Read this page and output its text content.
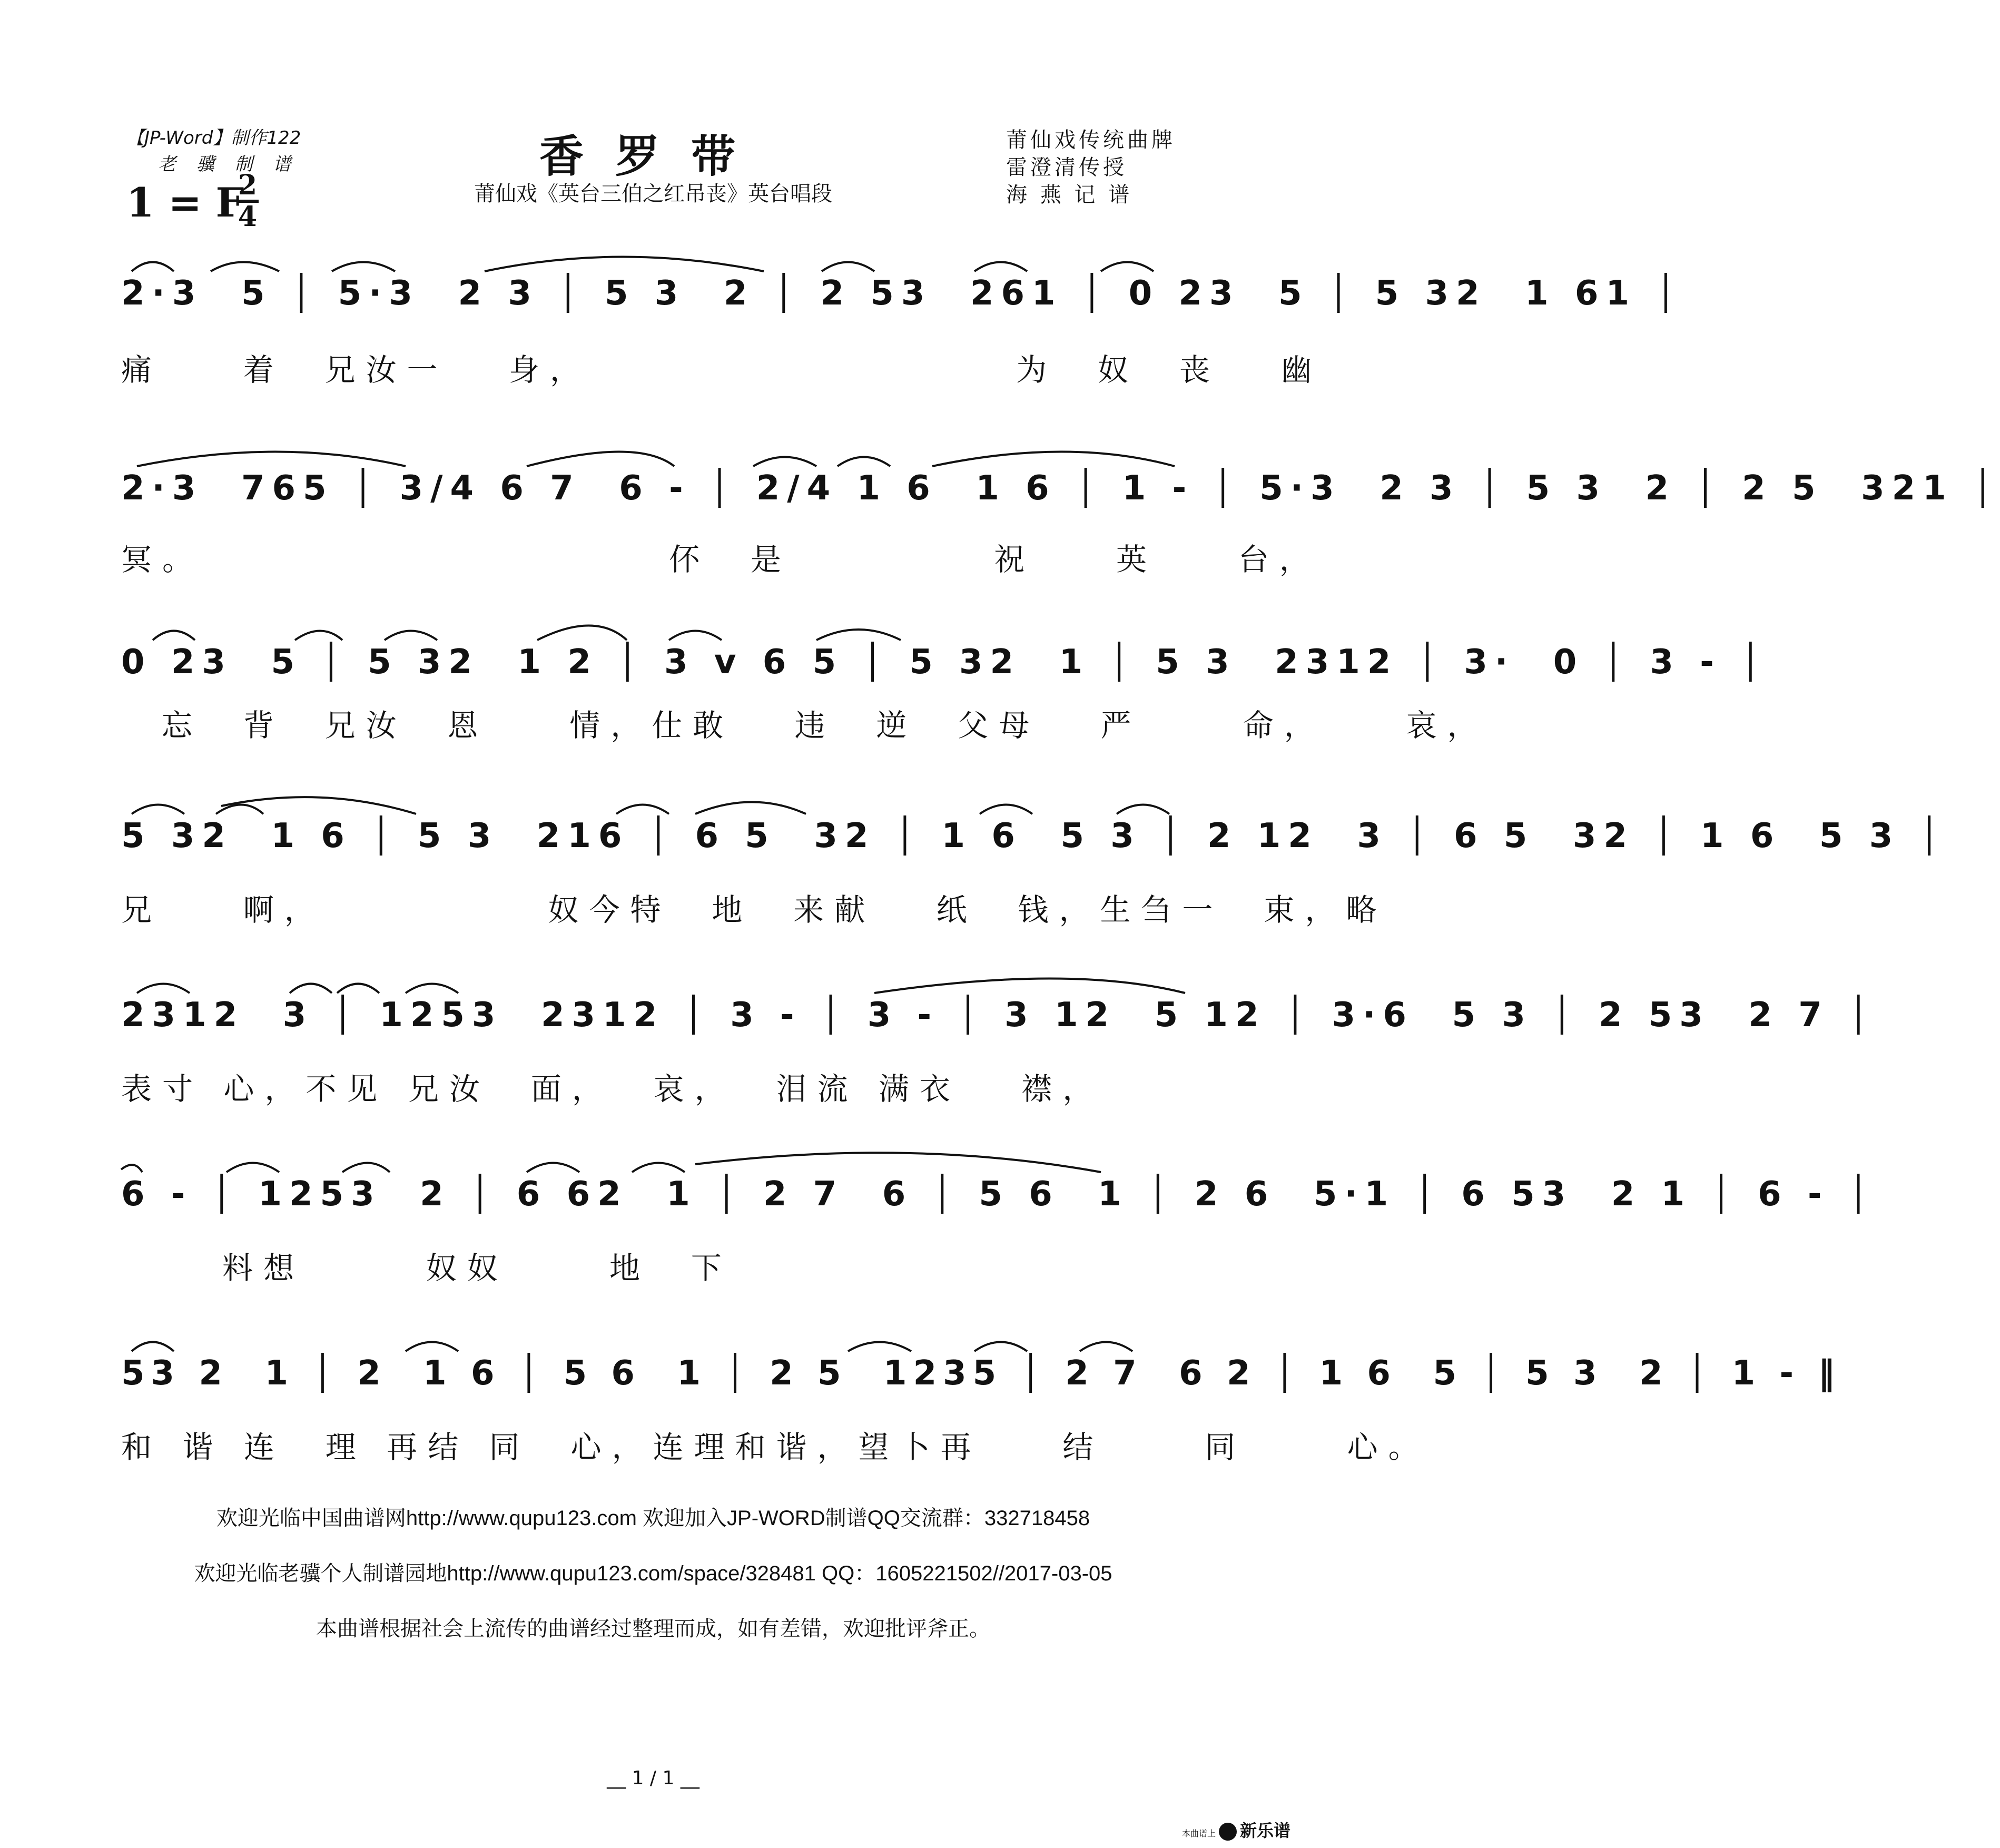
【JP-Word】制作122
老 骥 制 谱
1 = F
2
4
香罗带
莆仙戏《英台三伯之红吊丧》英台唱段
莆仙戏传统曲牌
雷澄清传授
海 燕 记 谱
2·3  5 │ 5·3  2 3 │ 5 3  2 │ 2 53  261 │ 0 23  5 │ 5 32  1 61 │
痛    着  兄汝一   身，                     为  奴  丧   幽
2·3  765 │ 3/4 6 7  6 - │ 2/4 1 6  1 6 │ 1 - │ 5·3  2 3 │ 5 3  2 │ 2 5  321 │
冥。                       伓  是          祝    英    台，
0 23  5 │ 5 32  1 2 │ 3 v 6 5 │ 5 32  1 │ 5 3  2312 │ 3·  0 │ 3 - │
忘  背  兄汝  恩    情，仕敢   违  逆  父母   严     命，    哀，
5 32  1 6 │ 5 3  216 │ 6 5  32 │ 1 6  5 3 │ 2 12  3 │ 6 5  32 │ 1 6  5 3 │
兄    啊，           奴今特  地  来献   纸  钱，生刍一  束，略
2312  3 │ 1253  2312 │ 3 - │ 3 - │ 3 12  5 12 │ 3·6  5 3 │ 2 53  2 7 │
表寸 心，不见 兄汝  面，  哀，  泪流 满衣   襟，
6 - │ 1253  2 │ 6 62  1 │ 2 7  6 │ 5 6  1 │ 2 6  5·1 │ 6 53  2 1 │ 6 - │
料想      奴奴     地  下
53 2  1 │ 2  1 6 │ 5 6  1 │ 2 5  1235 │ 2 7  6 2 │ 1 6  5 │ 5 3  2 │ 1 - ‖
和 谐 连  理 再结 同  心，连理和谐，望卜再    结     同     心。
欢迎光临中国曲谱网http://www.qupu123.com 欢迎加入JP-WORD制谱QQ交流群：332718458
欢迎光临老骥个人制谱园地http://www.qupu123.com/space/328481 QQ：1605221502//2017-03-05
本曲谱根据社会上流传的曲谱经过整理而成，如有差错，欢迎批评斧正。
__ 1 / 1 __
本曲谱上 新乐谱
